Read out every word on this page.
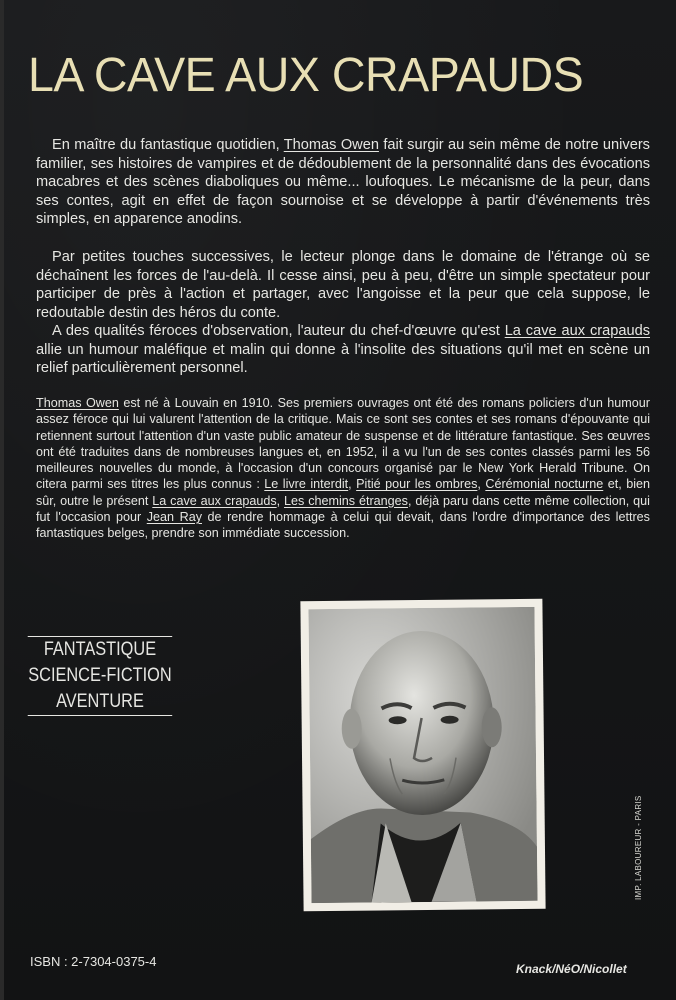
LA CAVE AUX CRAPAUDS

En maître du fantastique quotidien, Thomas Owen fait surgir au sein même de notre univers familier, ses histoires de vampires et de dédoublement de la personnalité dans des évocations macabres et des scènes diaboliques ou même... loufoques. Le mécanisme de la peur, dans ses contes, agit en effet de façon sournoise et se développe à partir d'événements très simples, en apparence anodins.

Par petites touches successives, le lecteur plonge dans le domaine de l'étrange où se déchaînent les forces de l'au-delà. Il cesse ainsi, peu à peu, d'être un simple spectateur pour participer de près à l'action et partager, avec l'angoisse et la peur que cela suppose, le redoutable destin des héros du conte.

A des qualités féroces d'observation, l'auteur du chef-d'œuvre qu'est La cave aux crapauds allie un humour maléfique et malin qui donne à l'insolite des situations qu'il met en scène un relief particulièrement personnel.

Thomas Owen est né à Louvain en 1910. Ses premiers ouvrages ont été des romans policiers d'un humour assez féroce qui lui valurent l'attention de la critique. Mais ce sont ses contes et ses romans d'épouvante qui retiennent surtout l'attention d'un vaste public amateur de suspense et de littérature fantastique. Ses œuvres ont été traduites dans de nombreuses langues et, en 1952, il a vu l'un de ses contes classés parmi les 56 meilleures nouvelles du monde, à l'occasion d'un concours organisé par le New York Herald Tribune. On citera parmi ses titres les plus connus : Le livre interdit, Pitié pour les ombres, Cérémonial nocturne et, bien sûr, outre le présent La cave aux crapauds, Les chemins étranges, déjà paru dans cette même collection, qui fut l'occasion pour Jean Ray de rendre hommage à celui qui devait, dans l'ordre d'importance des lettres fantastiques belges, prendre son immédiate succession.
FANTASTIQUE
SCIENCE-FICTION
AVENTURE
IMP. LABOUREUR - PARIS
ISBN : 2-7304-0375-4	Knack/NéO/Nicollet
